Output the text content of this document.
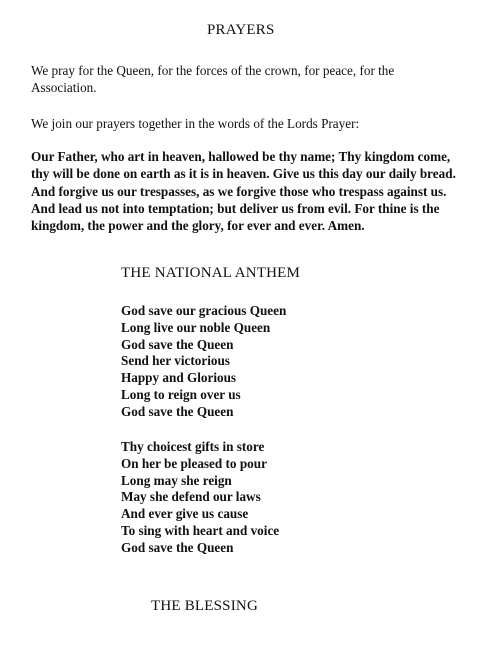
PRAYERS

We pray for the Queen, for the forces of the crown, for peace, for the Association.

We join our prayers together in the words of the Lords Prayer:

Our Father, who art in heaven, hallowed be thy name; Thy kingdom come, thy will be done on earth as it is in heaven. Give us this day our daily bread. And forgive us our trespasses, as we forgive those who trespass against us. And lead us not into temptation; but deliver us from evil. For thine is the kingdom, the power and the glory, for ever and ever. Amen.

THE NATIONAL ANTHEM
God save our gracious Queen
Long live our noble Queen
God save the Queen
Send her victorious
Happy and Glorious
Long to reign over us
God save the Queen
Thy choicest gifts in store
On her be pleased to pour
Long may she reign
May she defend our laws
And ever give us cause
To sing with heart and voice
God save the Queen
THE BLESSING
